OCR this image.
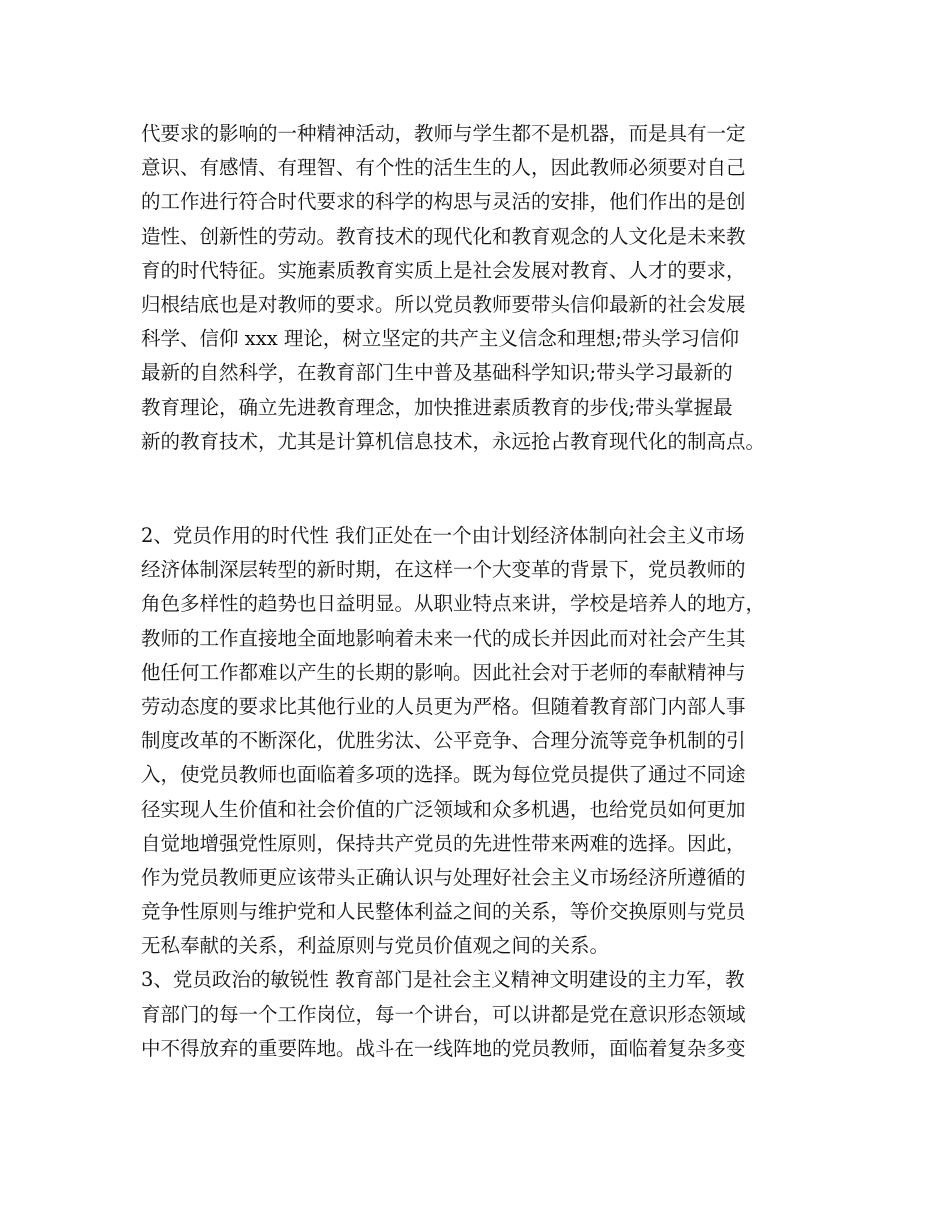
代要求的影响的一种精神活动，教师与学生都不是机器，而是具有一定

意识、有感情、有理智、有个性的活生生的人，因此教师必须要对自己

的工作进行符合时代要求的科学的构思与灵活的安排，他们作出的是创

造性、创新性的劳动。教育技术的现代化和教育观念的人文化是未来教

育的时代特征。实施素质教育实质上是社会发展对教育、人才的要求，

归根结底也是对教师的要求。所以党员教师要带头信仰最新的社会发展

科学、信仰 xxx 理论，树立坚定的共产主义信念和理想;带头学习信仰

最新的自然科学，在教育部门生中普及基础科学知识;带头学习最新的

教育理论，确立先进教育理念，加快推进素质教育的步伐;带头掌握最

新的教育技术，尤其是计算机信息技术，永远抢占教育现代化的制高点。

2、党员作用的时代性 我们正处在一个由计划经济体制向社会主义市场

经济体制深层转型的新时期，在这样一个大变革的背景下，党员教师的

角色多样性的趋势也日益明显。从职业特点来讲，学校是培养人的地方，

教师的工作直接地全面地影响着未来一代的成长并因此而对社会产生其

他任何工作都难以产生的长期的影响。因此社会对于老师的奉献精神与

劳动态度的要求比其他行业的人员更为严格。但随着教育部门内部人事

制度改革的不断深化，优胜劣汰、公平竞争、合理分流等竞争机制的引

入，使党员教师也面临着多项的选择。既为每位党员提供了通过不同途

径实现人生价值和社会价值的广泛领域和众多机遇，也给党员如何更加

自觉地增强党性原则，保持共产党员的先进性带来两难的选择。因此，

作为党员教师更应该带头正确认识与处理好社会主义市场经济所遵循的

竞争性原则与维护党和人民整体利益之间的关系，等价交换原则与党员

无私奉献的关系，利益原则与党员价值观之间的关系。

3、党员政治的敏锐性 教育部门是社会主义精神文明建设的主力军，教

育部门的每一个工作岗位，每一个讲台，可以讲都是党在意识形态领域

中不得放弃的重要阵地。战斗在一线阵地的党员教师，面临着复杂多变
